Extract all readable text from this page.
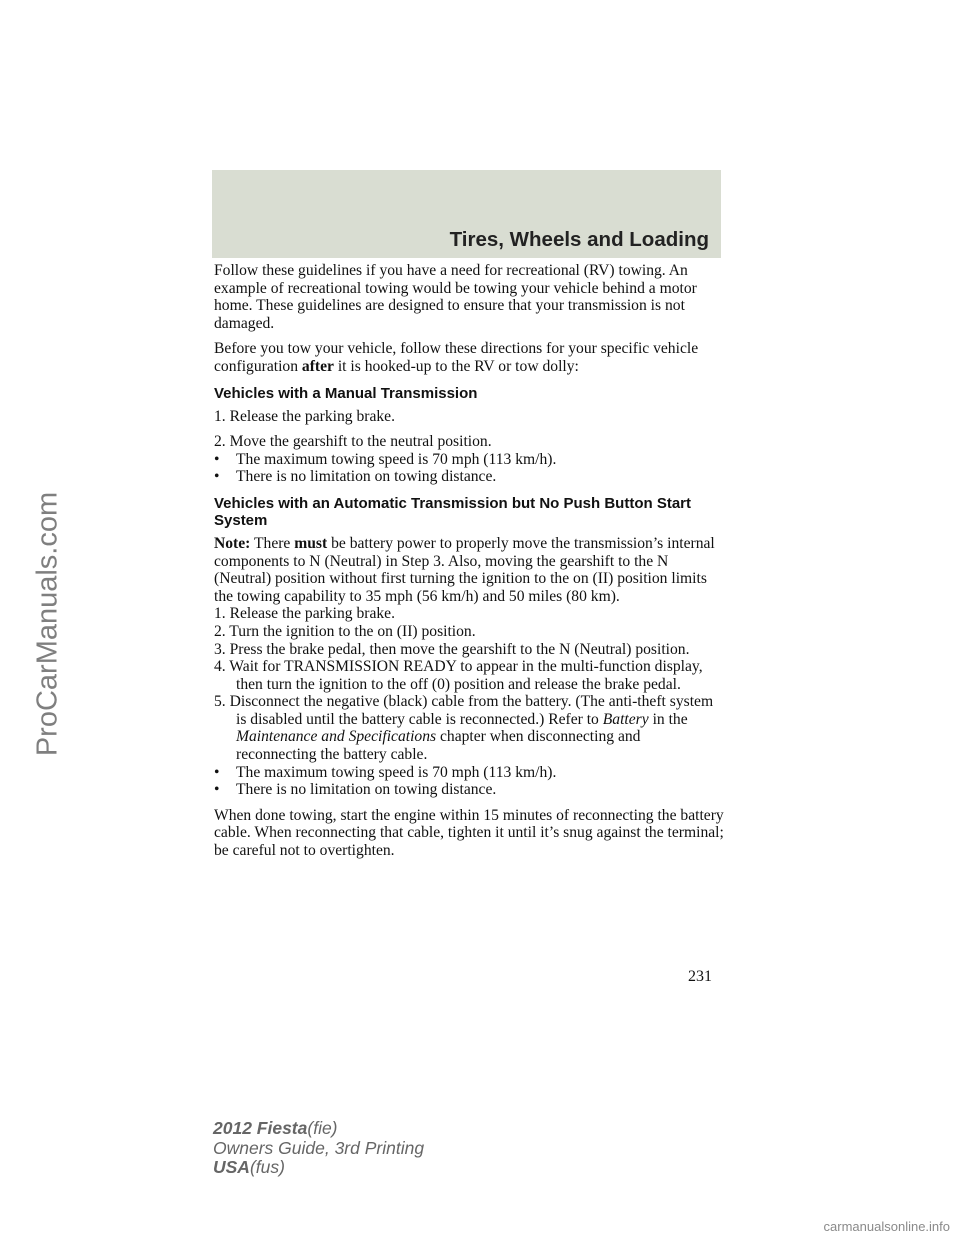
Tires, Wheels and Loading
ProCarManuals.com

Follow these guidelines if you have a need for recreational (RV) towing. An example of recreational towing would be towing your vehicle behind a motor home. These guidelines are designed to ensure that your transmission is not damaged.

Before you tow your vehicle, follow these directions for your specific vehicle configuration after it is hooked-up to the RV or tow dolly:

Vehicles with a Manual Transmission

1. Release the parking brake.

2. Move the gearshift to the neutral position.
• The maximum towing speed is 70 mph (113 km/h).
• There is no limitation on towing distance.
Vehicles with an Automatic Transmission but No Push Button Start System

Note: There must be battery power to properly move the transmission’s internal components to N (Neutral) in Step 3. Also, moving the gearshift to the N (Neutral) position without first turning the ignition to the on (II) position limits the towing capability to 35 mph (56 km/h) and 50 miles (80 km).

1. Release the parking brake.
2. Turn the ignition to the on (II) position.
3. Press the brake pedal, then move the gearshift to the N (Neutral) position.
4. Wait for TRANSMISSION READY to appear in the multi-function display, then turn the ignition to the off (0) position and release the brake pedal.
5. Disconnect the negative (black) cable from the battery. (The anti-theft system is disabled until the battery cable is reconnected.) Refer to Battery in the Maintenance and Specifications chapter when disconnecting and reconnecting the battery cable.
• The maximum towing speed is 70 mph (113 km/h).
• There is no limitation on towing distance.

When done towing, start the engine within 15 minutes of reconnecting the battery cable. When reconnecting that cable, tighten it until it’s snug against the terminal; be careful not to overtighten.

231
2012 Fiesta(fie)
Owners Guide, 3rd Printing
USA(fus)
carmanualsonline.info
